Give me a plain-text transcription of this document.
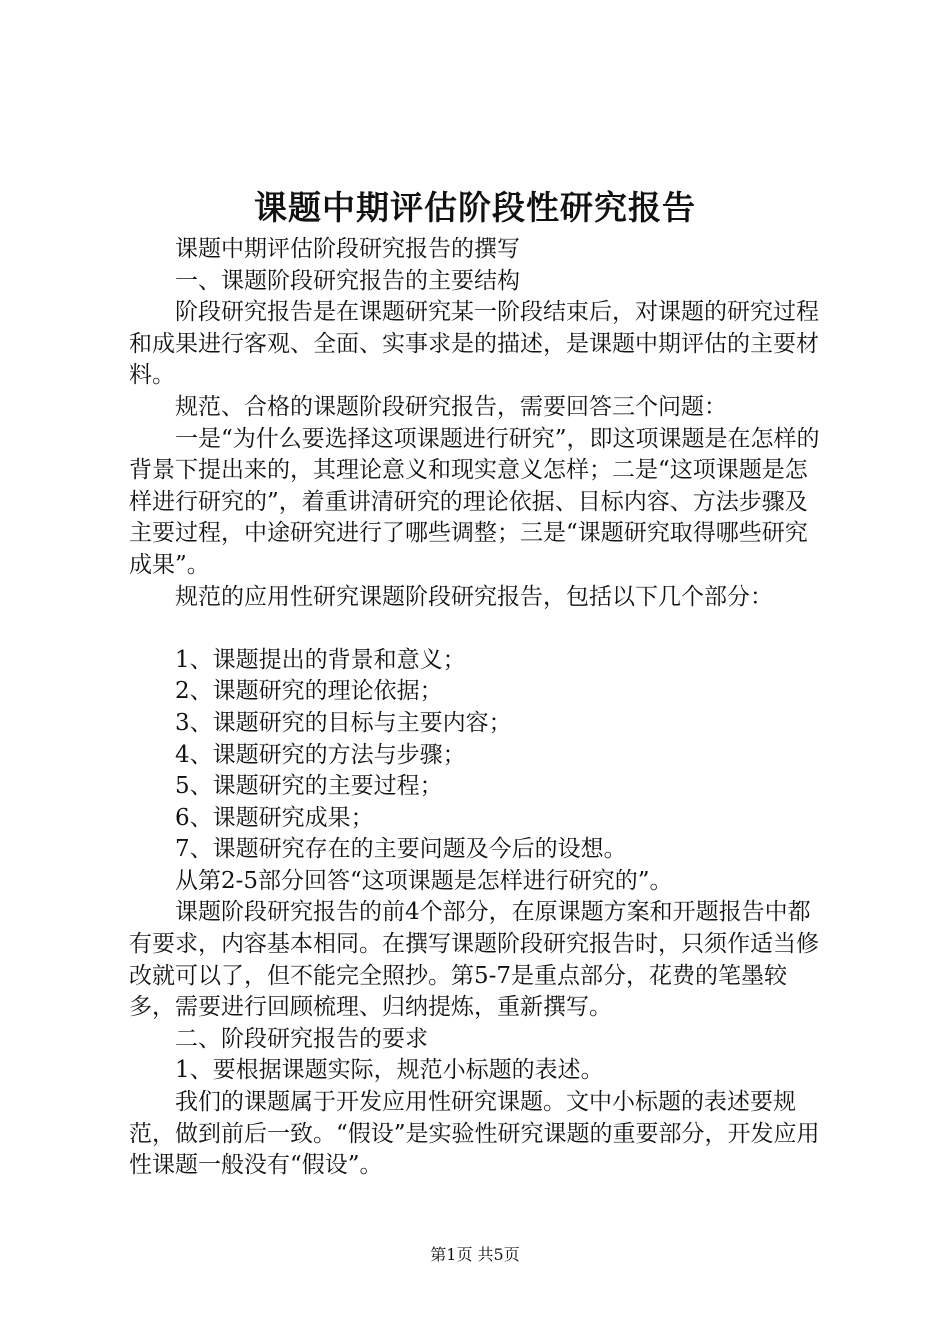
课题中期评估阶段性研究报告

课题中期评估阶段研究报告的撰写

一、课题阶段研究报告的主要结构

阶段研究报告是在课题研究某一阶段结束后，对课题的研究过程和成果进行客观、全面、实事求是的描述，是课题中期评估的主要材料。

规范、合格的课题阶段研究报告，需要回答三个问题：

一是“为什么要选择这项课题进行研究”，即这项课题是在怎样的背景下提出来的，其理论意义和现实意义怎样；二是“这项课题是怎样进行研究的”，着重讲清研究的理论依据、目标内容、方法步骤及主要过程，中途研究进行了哪些调整；三是“课题研究取得哪些研究成果”。

规范的应用性研究课题阶段研究报告，包括以下几个部分：

1、课题提出的背景和意义；

2、课题研究的理论依据；

3、课题研究的目标与主要内容；

4、课题研究的方法与步骤；

5、课题研究的主要过程；

6、课题研究成果；

7、课题研究存在的主要问题及今后的设想。

从第2-5部分回答“这项课题是怎样进行研究的”。

课题阶段研究报告的前4个部分，在原课题方案和开题报告中都有要求，内容基本相同。在撰写课题阶段研究报告时，只须作适当修改就可以了，但不能完全照抄。第5-7是重点部分，花费的笔墨较多，需要进行回顾梳理、归纳提炼，重新撰写。

二、阶段研究报告的要求

1、要根据课题实际，规范小标题的表述。

我们的课题属于开发应用性研究课题。文中小标题的表述要规范，做到前后一致。“假设”是实验性研究课题的重要部分，开发应用性课题一般没有“假设”。

第1页 共5页
